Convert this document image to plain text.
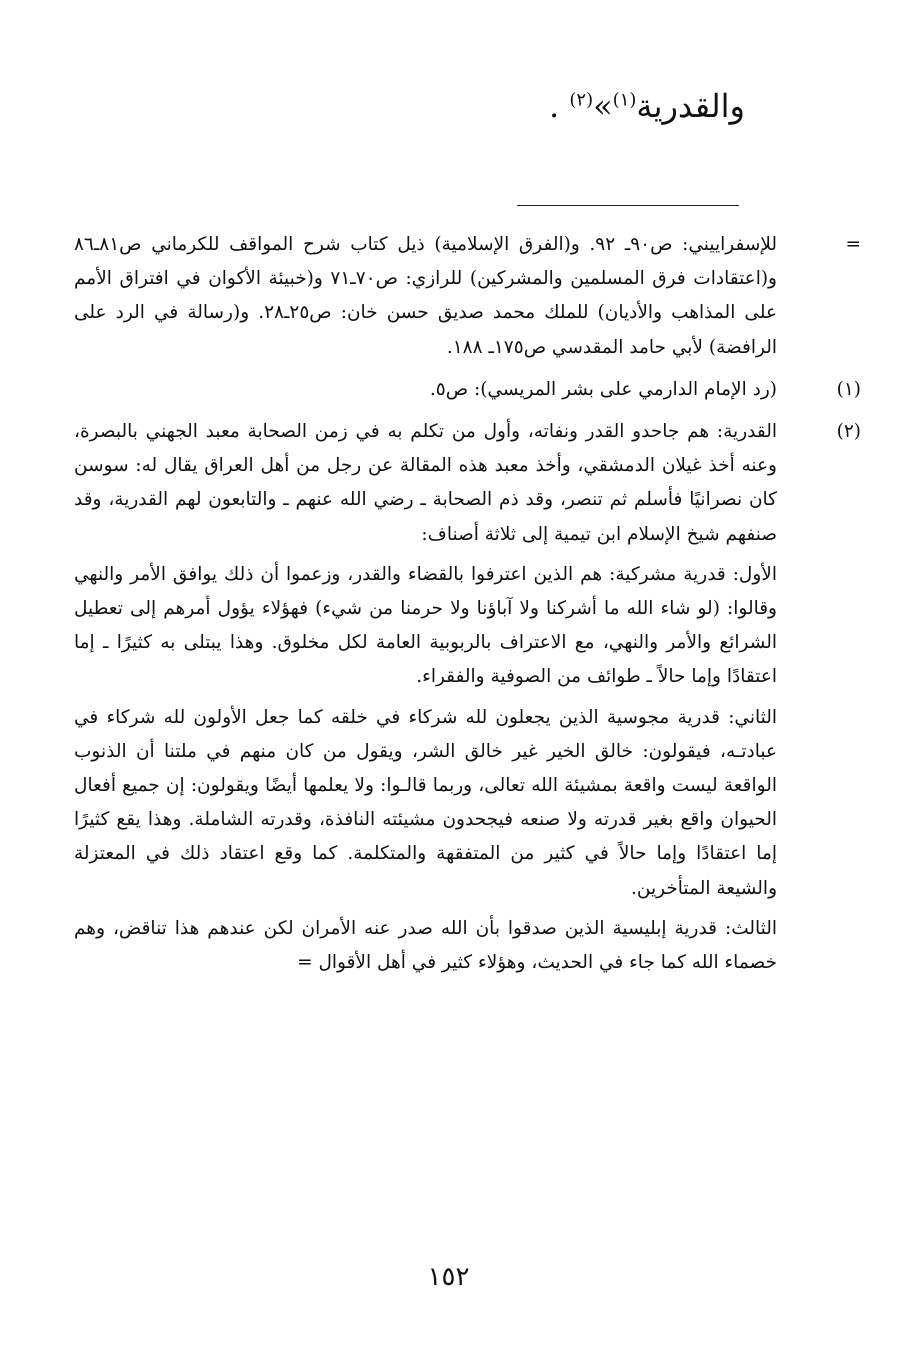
والقدرية$^{(١)}$»$^{(٢)}$ .
=

للإسفراييني: ص٩٠ـ ٩٢. و(الفرق الإسلامية) ذيل كتاب شرح المواقف للكرماني ص٨١ـ٨٦ و(اعتقادات فرق المسلمين والمشركين) للرازي: ص٧٠ـ٧١ و(خبيئة الأكوان في افتراق الأمم على المذاهب والأديان) للملك محمد صديق حسن خان: ص٢٥ـ٢٨. و(رسالة في الرد على الرافضة) لأبي حامد المقدسي ص١٧٥ـ ١٨٨.

(١)

(رد الإمام الدارمي على بشر المريسي): ص٥.

(٢)

القدرية: هم جاحدو القدر ونفاته، وأول من تكلم به في زمن الصحابة معبد الجهني بالبصرة، وعنه أخذ غيلان الدمشقي، وأخذ معبد هذه المقالة عن رجل من أهل العراق يقال له: سوسن كان نصرانيًا فأسلم ثم تنصر، وقد ذم الصحابة ـ رضي الله عنهم ـ والتابعون لهم القدرية، وقد صنفهم شيخ الإسلام ابن تيمية إلى ثلاثة أصناف:

الأول: قدرية مشركية: هم الذين اعترفوا بالقضاء والقدر، وزعموا أن ذلك يوافق الأمر والنهي وقالوا: (لو شاء الله ما أشركنا ولا آباؤنا ولا حرمنا من شيء) فهؤلاء يؤول أمرهم إلى تعطيل الشرائع والأمر والنهي، مع الاعتراف بالربوبية العامة لكل مخلوق. وهذا يبتلى به كثيرًا ـ إما اعتقادًا وإما حالاً ـ طوائف من الصوفية والفقراء.

الثاني: قدرية مجوسية الذين يجعلون لله شركاء في خلقه كما جعل الأولون لله شركاء في عبادتـه، فيقولون: خالق الخير غير خالق الشر، ويقول من كان منهم في ملتنا أن الذنوب الواقعة ليست واقعة بمشيئة الله تعالى، وربما قالـوا: ولا يعلمها أيضًا ويقولون: إن جميع أفعال الحيوان واقع بغير قدرته ولا صنعه فيجحدون مشيئته النافذة، وقدرته الشاملة. وهذا يقع كثيرًا إما اعتقادًا وإما حالاً في كثير من المتفقهة والمتكلمة. كما وقع اعتقاد ذلك في المعتزلة والشيعة المتأخرين.

الثالث: قدرية إبليسية الذين صدقوا بأن الله صدر عنه الأمران لكن عندهم هذا تناقض، وهم خصماء الله كما جاء في الحديث، وهؤلاء كثير في أهل الأقوال =

١٥٢
